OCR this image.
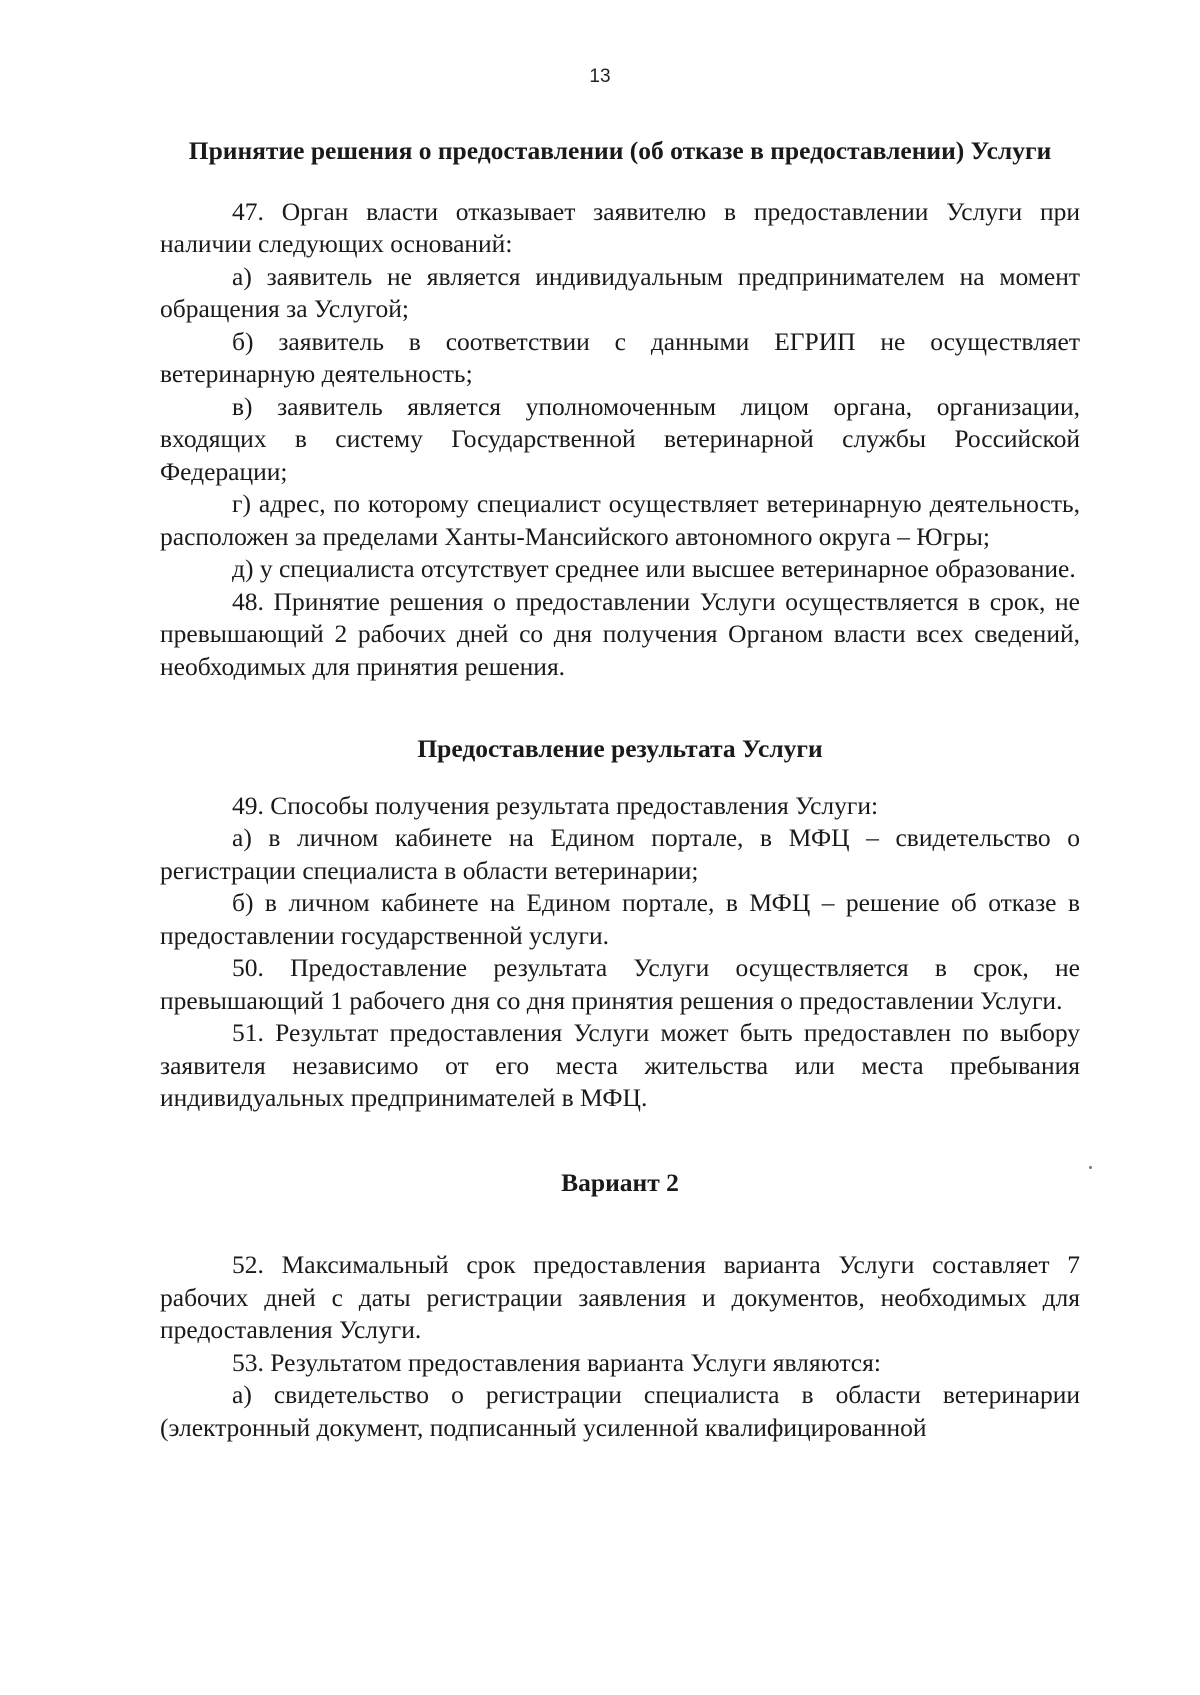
13
Принятие решения о предоставлении (об отказе в предоставлении) Услуги

47. Орган власти отказывает заявителю в предоставлении Услуги при наличии следующих оснований:

а) заявитель не является индивидуальным предпринимателем на момент обращения за Услугой;

б) заявитель в соответствии с данными ЕГРИП не осуществляет ветеринарную деятельность;

в) заявитель является уполномоченным лицом органа, организации, входящих в систему Государственной ветеринарной службы Российской Федерации;

г) адрес, по которому специалист осуществляет ветеринарную деятельность, расположен за пределами Ханты-Мансийского автономного округа – Югры;

д) у специалиста отсутствует среднее или высшее ветеринарное образование.

48. Принятие решения о предоставлении Услуги осуществляется в срок, не превышающий 2 рабочих дней со дня получения Органом власти всех сведений, необходимых для принятия решения.

Предоставление результата Услуги

49. Способы получения результата предоставления Услуги:

а) в личном кабинете на Едином портале, в МФЦ – свидетельство о регистрации специалиста в области ветеринарии;

б) в личном кабинете на Едином портале, в МФЦ – решение об отказе в предоставлении государственной услуги.

50. Предоставление результата Услуги осуществляется в срок, не превышающий 1 рабочего дня со дня принятия решения о предоставлении Услуги.

51. Результат предоставления Услуги может быть предоставлен по выбору заявителя независимо от его места жительства или места пребывания индивидуальных предпринимателей в МФЦ.

Вариант 2

52. Максимальный срок предоставления варианта Услуги составляет 7 рабочих дней с даты регистрации заявления и документов, необходимых для предоставления Услуги.

53. Результатом предоставления варианта Услуги являются:

а) свидетельство о регистрации специалиста в области ветеринарии (электронный документ, подписанный усиленной квалифицированной
